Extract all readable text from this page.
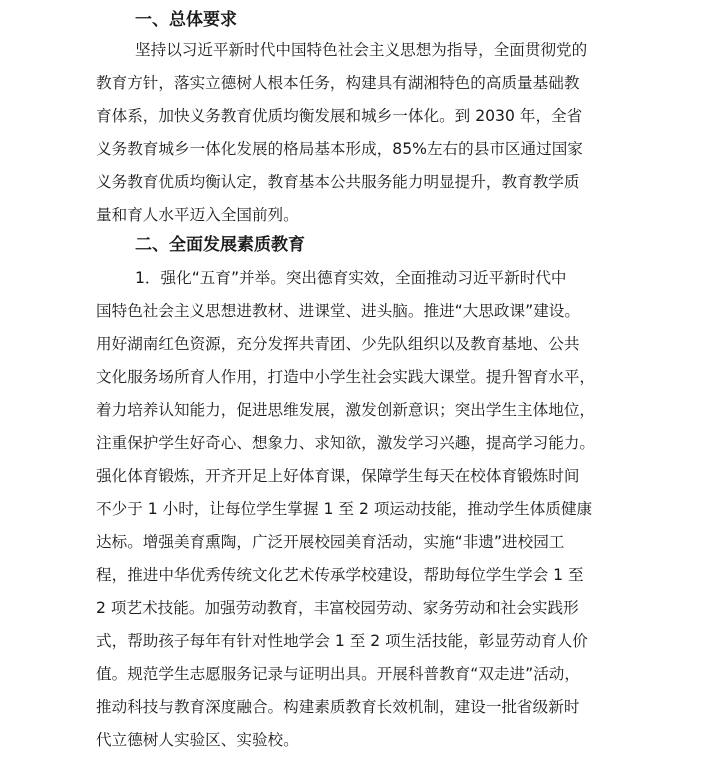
一、总体要求
坚持以习近平新时代中国特色社会主义思想为指导，全面贯彻党的
教育方针，落实立德树人根本任务，构建具有湖湘特色的高质量基础教
育体系，加快义务教育优质均衡发展和城乡一体化。到 2030 年，全省
义务教育城乡一体化发展的格局基本形成，85%左右的县市区通过国家
义务教育优质均衡认定，教育基本公共服务能力明显提升，教育教学质
量和育人水平迈入全国前列。
二、全面发展素质教育
1．强化“五育”并举。突出德育实效，全面推动习近平新时代中
国特色社会主义思想进教材、进课堂、进头脑。推进“大思政课”建设。
用好湖南红色资源，充分发挥共青团、少先队组织以及教育基地、公共
文化服务场所育人作用，打造中小学生社会实践大课堂。提升智育水平，
着力培养认知能力，促进思维发展，激发创新意识；突出学生主体地位，
注重保护学生好奇心、想象力、求知欲，激发学习兴趣，提高学习能力。
强化体育锻炼，开齐开足上好体育课，保障学生每天在校体育锻炼时间
不少于 1 小时，让每位学生掌握 1 至 2 项运动技能，推动学生体质健康
达标。增强美育熏陶，广泛开展校园美育活动，实施“非遗”进校园工
程，推进中华优秀传统文化艺术传承学校建设，帮助每位学生学会 1 至
2 项艺术技能。加强劳动教育，丰富校园劳动、家务劳动和社会实践形
式，帮助孩子每年有针对性地学会 1 至 2 项生活技能，彰显劳动育人价
值。规范学生志愿服务记录与证明出具。开展科普教育“双走进”活动，
推动科技与教育深度融合。构建素质教育长效机制，建设一批省级新时
代立德树人实验区、实验校。
